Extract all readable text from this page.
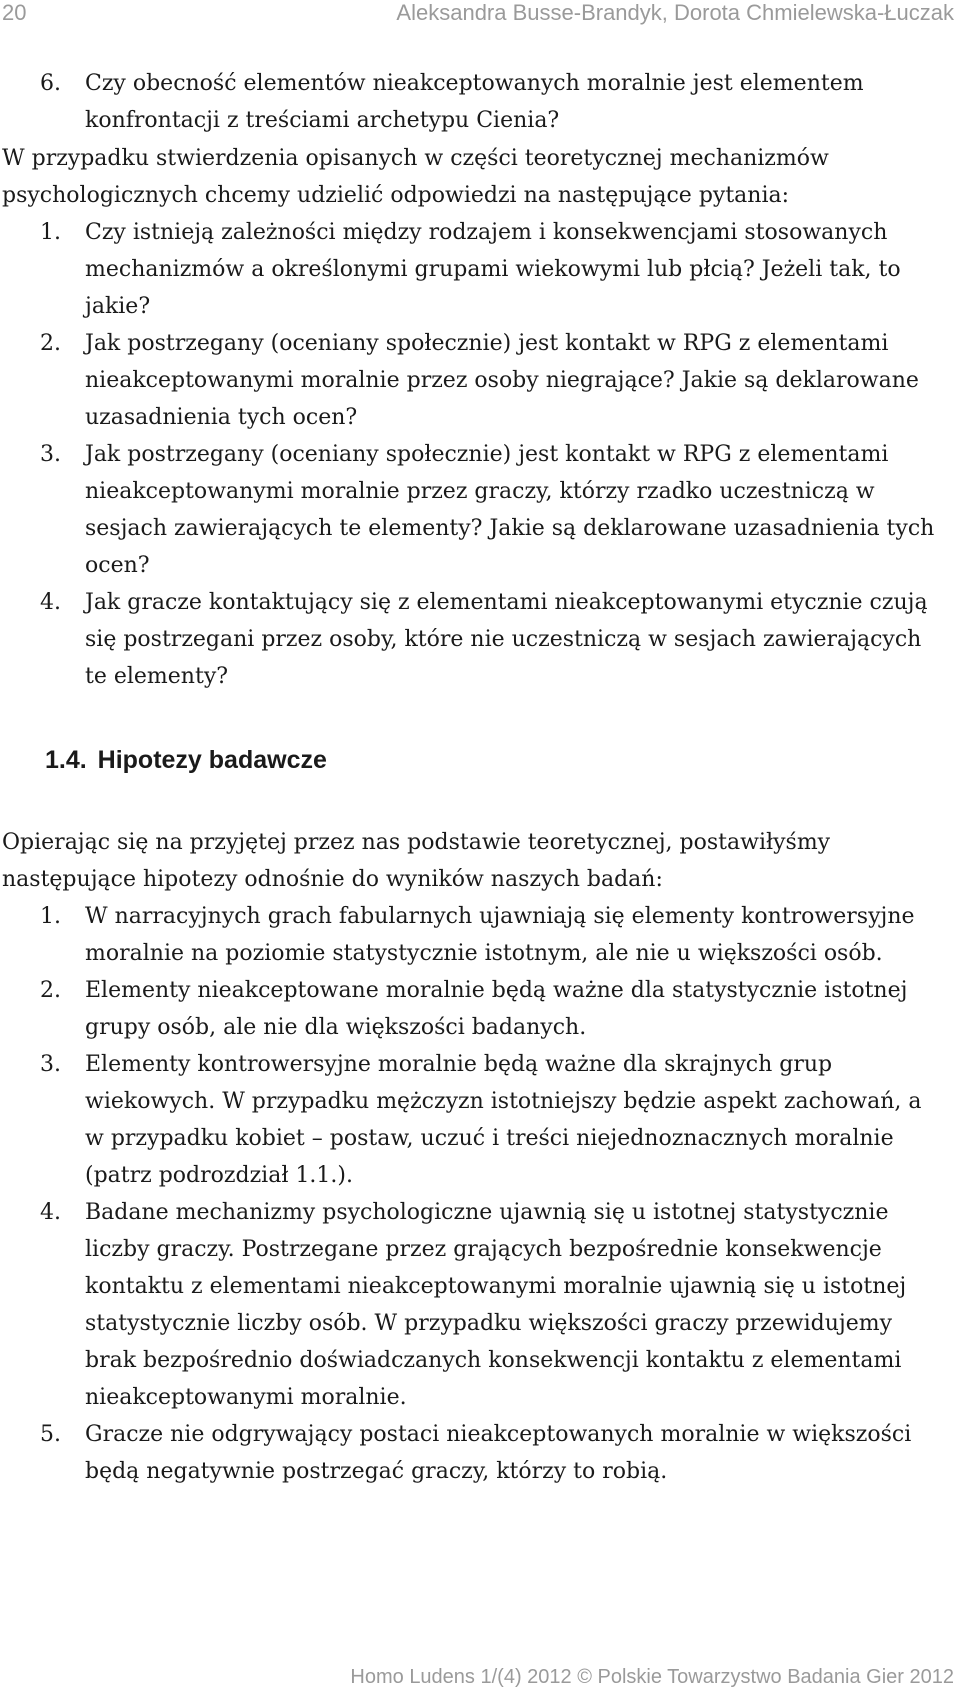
20	Aleksandra Busse-Brandyk, Dorota Chmielewska-Łuczak
6.	Czy obecność elementów nieakceptowanych moralnie jest elementem konfrontacji z treściami archetypu Cienia?

W przypadku stwierdzenia opisanych w części teoretycznej mechanizmów psychologicznych chcemy udzielić odpowiedzi na następujące pytania:

1.	Czy istnieją zależności między rodzajem i konsekwencjami stosowanych mechanizmów a określonymi grupami wiekowymi lub płcią? Jeżeli tak, to jakie?
2.	Jak postrzegany (oceniany społecznie) jest kontakt w RPG z elementami nieakceptowanymi moralnie przez osoby niegrające? Jakie są deklarowane uzasadnienia tych ocen?
3.	Jak postrzegany (oceniany społecznie) jest kontakt w RPG z elementami nieakceptowanymi moralnie przez graczy, którzy rzadko uczestniczą w sesjach zawierających te elementy? Jakie są deklarowane uzasadnienia tych ocen?
4.	Jak gracze kontaktujący się z elementami nieakceptowanymi etycznie czują się postrzegani przez osoby, które nie uczestniczą w sesjach zawierających te elementy?
1.4. Hipotezy badawcze

Opierając się na przyjętej przez nas podstawie teoretycznej, postawiłyśmy następujące hipotezy odnośnie do wyników naszych badań:

1.	W narracyjnych grach fabularnych ujawniają się elementy kontrowersyjne moralnie na poziomie statystycznie istotnym, ale nie u większości osób.
2.	Elementy nieakceptowane moralnie będą ważne dla statystycznie istotnej grupy osób, ale nie dla większości badanych.
3.	Elementy kontrowersyjne moralnie będą ważne dla skrajnych grup wiekowych. W przypadku mężczyzn istotniejszy będzie aspekt zachowań, a w przypadku kobiet – postaw, uczuć i treści niejednoznacznych moralnie (patrz podrozdział 1.1.).
4.	Badane mechanizmy psychologiczne ujawnią się u istotnej statystycznie liczby graczy. Postrzegane przez grających bezpośrednie konsekwencje kontaktu z elementami nieakceptowanymi moralnie ujawnią się u istotnej statystycznie liczby osób. W przypadku większości graczy przewidujemy brak bezpośrednio doświadczanych konsekwencji kontaktu z elementami nieakceptowanymi moralnie.
5.	Gracze nie odgrywający postaci nieakceptowanych moralnie w większości będą negatywnie postrzegać graczy, którzy to robią.
Homo Ludens 1/(4) 2012 © Polskie Towarzystwo Badania Gier 2012
